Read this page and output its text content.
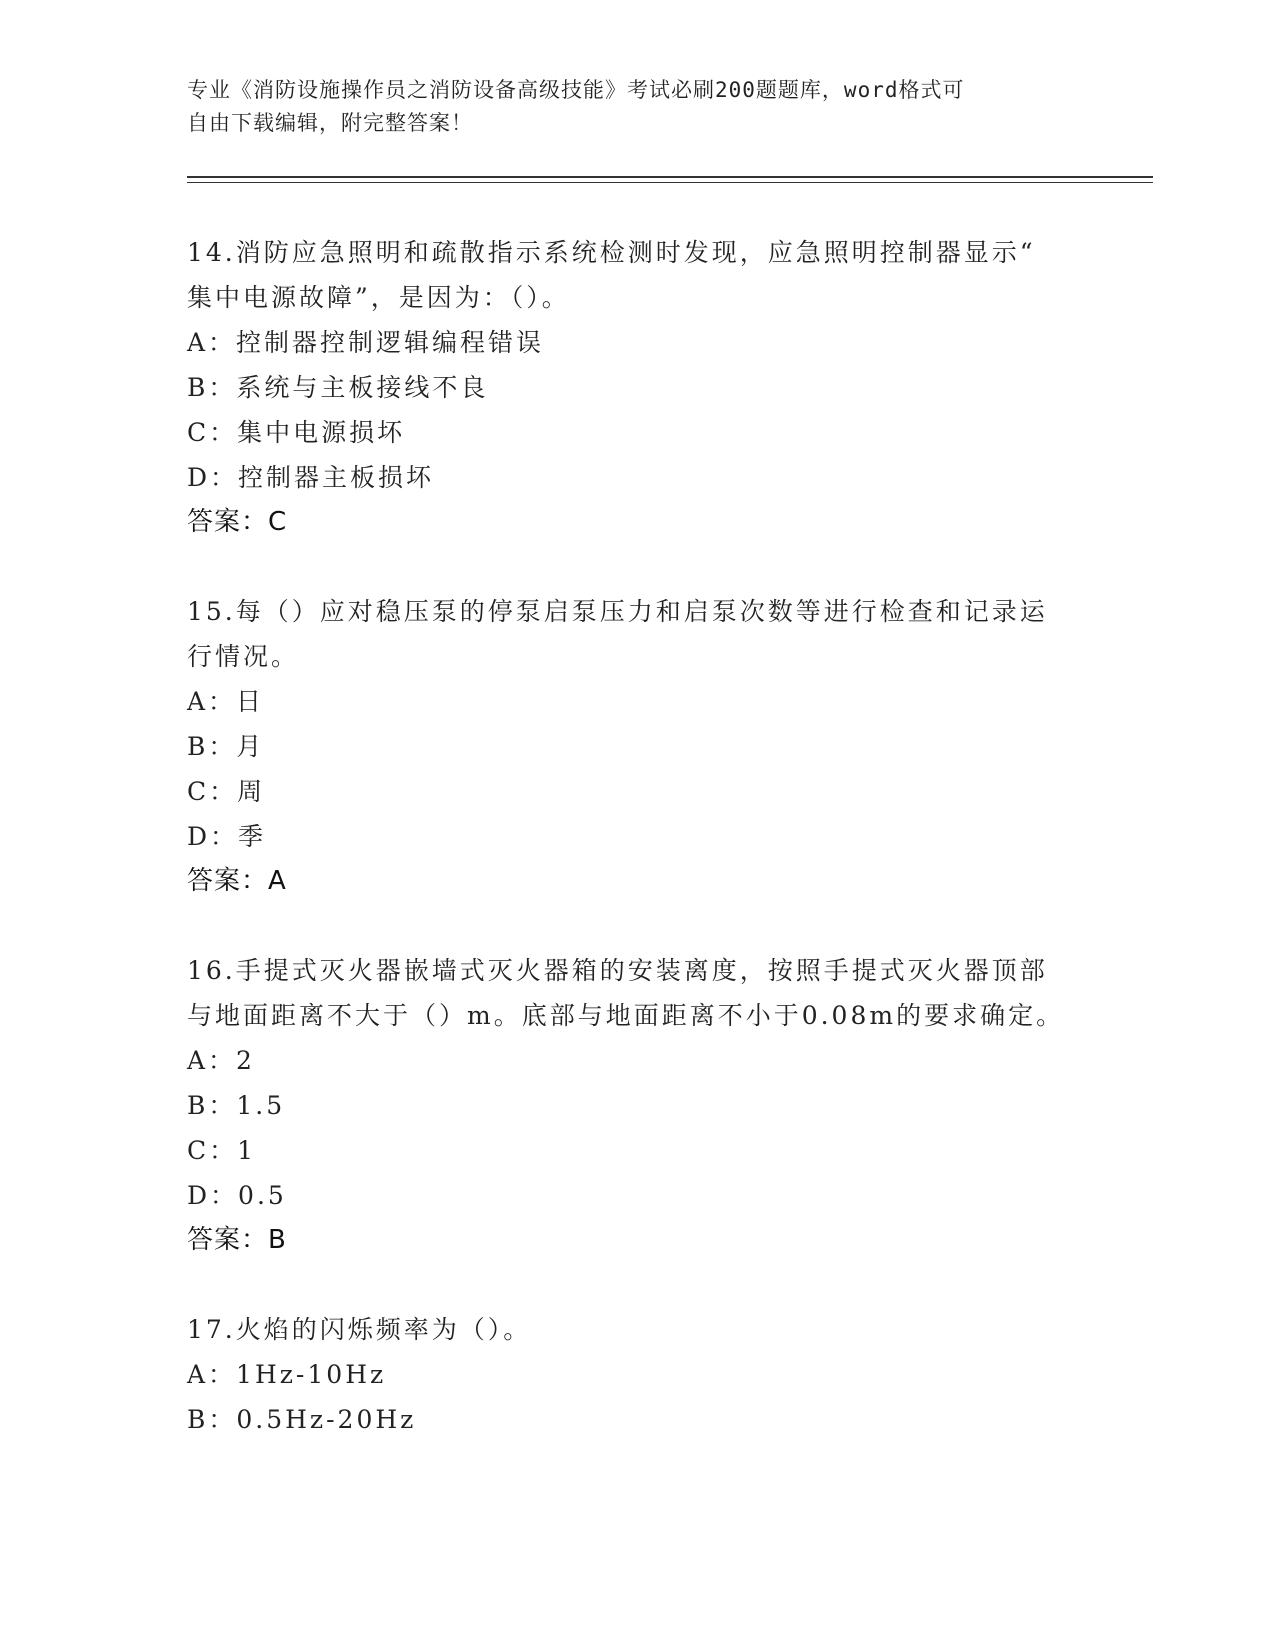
专业《消防设施操作员之消防设备高级技能》考试必刷200题题库，word格式可
自由下载编辑，附完整答案！
14.消防应急照明和疏散指示系统检测时发现，应急照明控制器显示“
集中电源故障”，是因为：（）。
A：控制器控制逻辑编程错误
B：系统与主板接线不良
C：集中电源损坏
D：控制器主板损坏
答案：C
15.每（）应对稳压泵的停泵启泵压力和启泵次数等进行检查和记录运
行情况。
A：日
B：月
C：周
D：季
答案：A
16.手提式灭火器嵌墙式灭火器箱的安装离度，按照手提式灭火器顶部
与地面距离不大于（）m。底部与地面距离不小于0.08m的要求确定。
A：2
B：1.5
C：1
D：0.5
答案：B
17.火焰的闪烁频率为（）。
A：1Hz-10Hz
B：0.5Hz-20Hz
